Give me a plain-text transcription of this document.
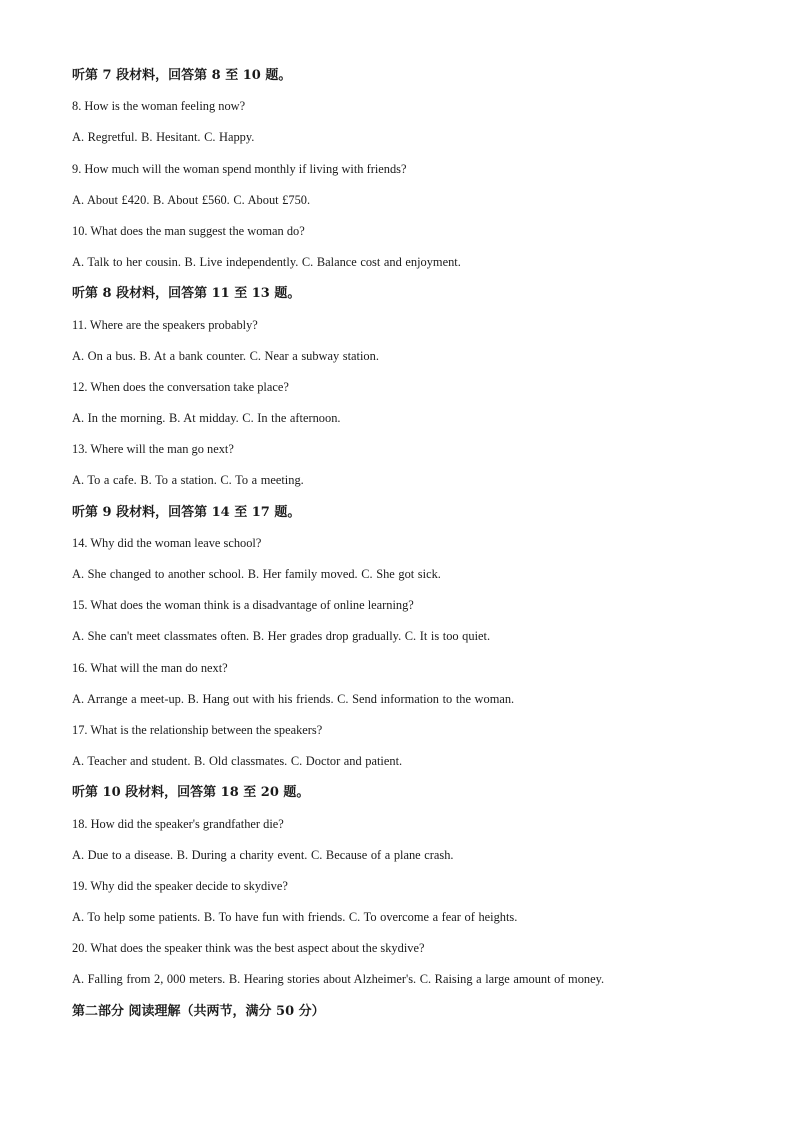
听第 7 段材料，回答第 8 至 10 题。
8. How is the woman feeling now?
A. Regretful. B. Hesitant. C. Happy.
9. How much will the woman spend monthly if living with friends?
A. About £420. B. About £560. C. About £750.
10. What does the man suggest the woman do?
A. Talk to her cousin. B. Live independently. C. Balance cost and enjoyment.
听第 8 段材料，回答第 11 至 13 题。
11. Where are the speakers probably?
A. On a bus. B. At a bank counter. C. Near a subway station.
12. When does the conversation take place?
A. In the morning. B. At midday. C. In the afternoon.
13. Where will the man go next?
A. To a cafe. B. To a station. C. To a meeting.
听第 9 段材料，回答第 14 至 17 题。
14. Why did the woman leave school?
A. She changed to another school. B. Her family moved. C. She got sick.
15. What does the woman think is a disadvantage of online learning?
A. She can't meet classmates often. B. Her grades drop gradually. C. It is too quiet.
16. What will the man do next?
A. Arrange a meet-up. B. Hang out with his friends. C. Send information to the woman.
17. What is the relationship between the speakers?
A. Teacher and student. B. Old classmates. C. Doctor and patient.
听第 10 段材料，回答第 18 至 20 题。
18. How did the speaker's grandfather die?
A. Due to a disease. B. During a charity event. C. Because of a plane crash.
19. Why did the speaker decide to skydive?
A. To help some patients. B. To have fun with friends. C. To overcome a fear of heights.
20. What does the speaker think was the best aspect about the skydive?
A. Falling from 2, 000 meters. B. Hearing stories about Alzheimer's. C. Raising a large amount of money.
第二部分 阅读理解（共两节，满分 50 分）
